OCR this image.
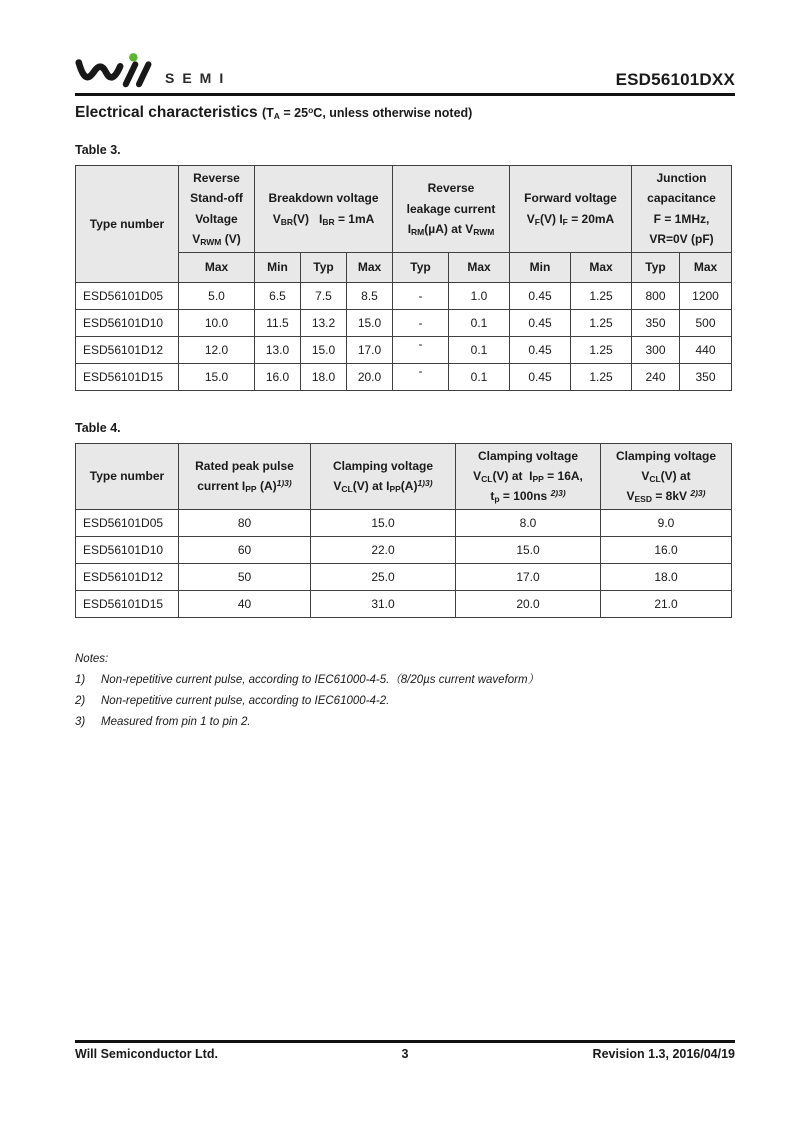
SEMI	ESD56101DXX
Electrical characteristics ($T_A = 25^oC$, unless otherwise noted)
Table 3.
Type number	Reverse
Stand-off
Voltage
$V_{RWM}$ (V)	Breakdown voltage
$V_{BR}(V) I_{BR} = 1mA$			Reverse
leakage current
$I_{RM}(\mu A)$ at $V_{RWM}$		Forward voltage
$V_F(V) I_F = 20mA$		Junction
capacitance
F = 1MHz,
VR=0V (pF)	
	Max	Min	Typ	Max	Typ	Max	Min	Max	Typ	Max
ESD56101D05	5.0	6.5	7.5	8.5	-	1.0	0.45	1.25	800	1200
ESD56101D10	10.0	11.5	13.2	15.0	-	0.1	0.45	1.25	350	500
ESD56101D12	12.0	13.0	15.0	17.0	-	0.1	0.45	1.25	300	440
ESD56101D15	15.0	16.0	18.0	20.0	-	0.1	0.45	1.25	240	350
Table 4.
Type number	Rated peak pulse
current $I_{PP}$ $(A)^{1)3)}$	Clamping voltage
$V_{CL}(V)$ at $I_{PP}(A)^{1)3)}$	Clamping voltage
$V_{CL}(V)$ at  $I_{PP} = 16A$,
$t_p = 100ns$ $^{2)3)}$	Clamping voltage
$V_{CL}(V)$ at
$V_{ESD} = 8kV$ $^{2)3)}$
ESD56101D05	80	15.0	8.0	9.0
ESD56101D10	60	22.0	15.0	16.0
ESD56101D12	50	25.0	17.0	18.0
ESD56101D15	40	31.0	20.0	21.0
Notes:
1)	Non-repetitive current pulse, according to IEC61000-4-5.（8/20µs current waveform）
2)	Non-repetitive current pulse, according to IEC61000-4-2.
3)	Measured from pin 1 to pin 2.
Will Semiconductor Ltd.	3	Revision 1.3, 2016/04/19
